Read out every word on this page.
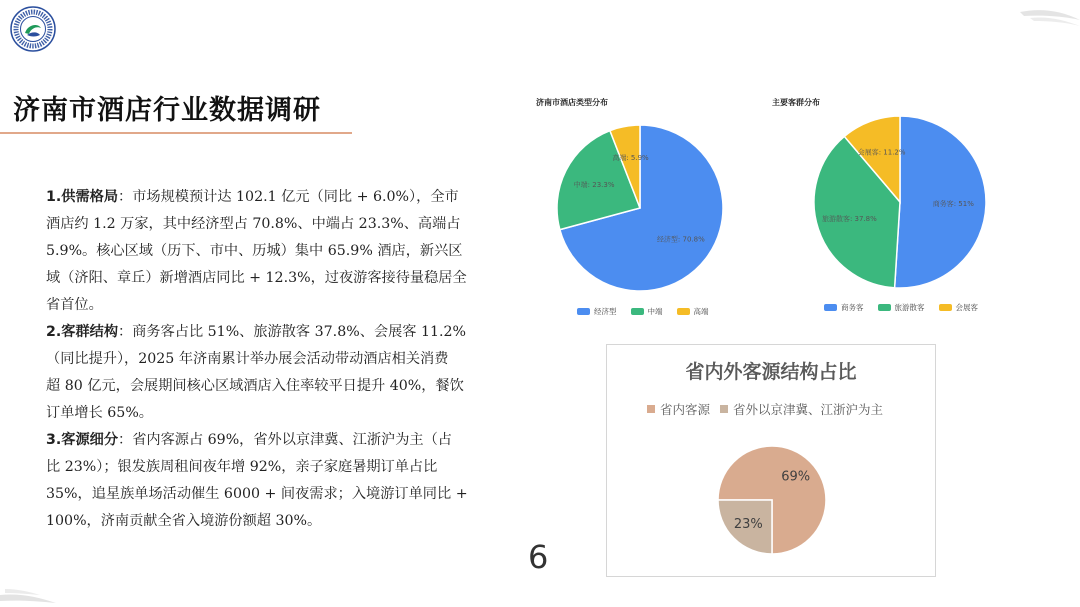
济南市酒店行业数据调研

1.供需格局：市场规模预计达 102.1 亿元（同比 + 6.0%），全市
酒店约 1.2 万家，其中经济型占 70.8%、中端占 23.3%、高端占
5.9%。核心区域（历下、市中、历城）集中 65.9% 酒店，新兴区
域（济阳、章丘）新增酒店同比 + 12.3%，过夜游客接待量稳居全
省首位。

2.客群结构：商务客占比 51%、旅游散客 37.8%、会展客 11.2%
（同比提升），2025 年济南累计举办展会活动带动酒店相关消费
超 80 亿元，会展期间核心区域酒店入住率较平日提升 40%，餐饮
订单增长 65%。

3.客源细分：省内客源占 69%，省外以京津冀、江浙沪为主（占
比 23%）；银发族周租间夜年增 92%，亲子家庭暑期订单占比
35%，追星族单场活动催生 6000 + 间夜需求；入境游订单同比 +
100%，济南贡献全省入境游份额超 30%。

6
济南市酒店类型分布
经济型: 70.8%
中端: 23.3%
高端: 5.9%
经济型	中端	高端
主要客群分布
商务客: 51%
旅游散客: 37.8%
会展客: 11.2%
商务客	旅游散客	会展客
省内外客源结构占比
省内客源 省外以京津冀、江浙沪为主
69%
23%
